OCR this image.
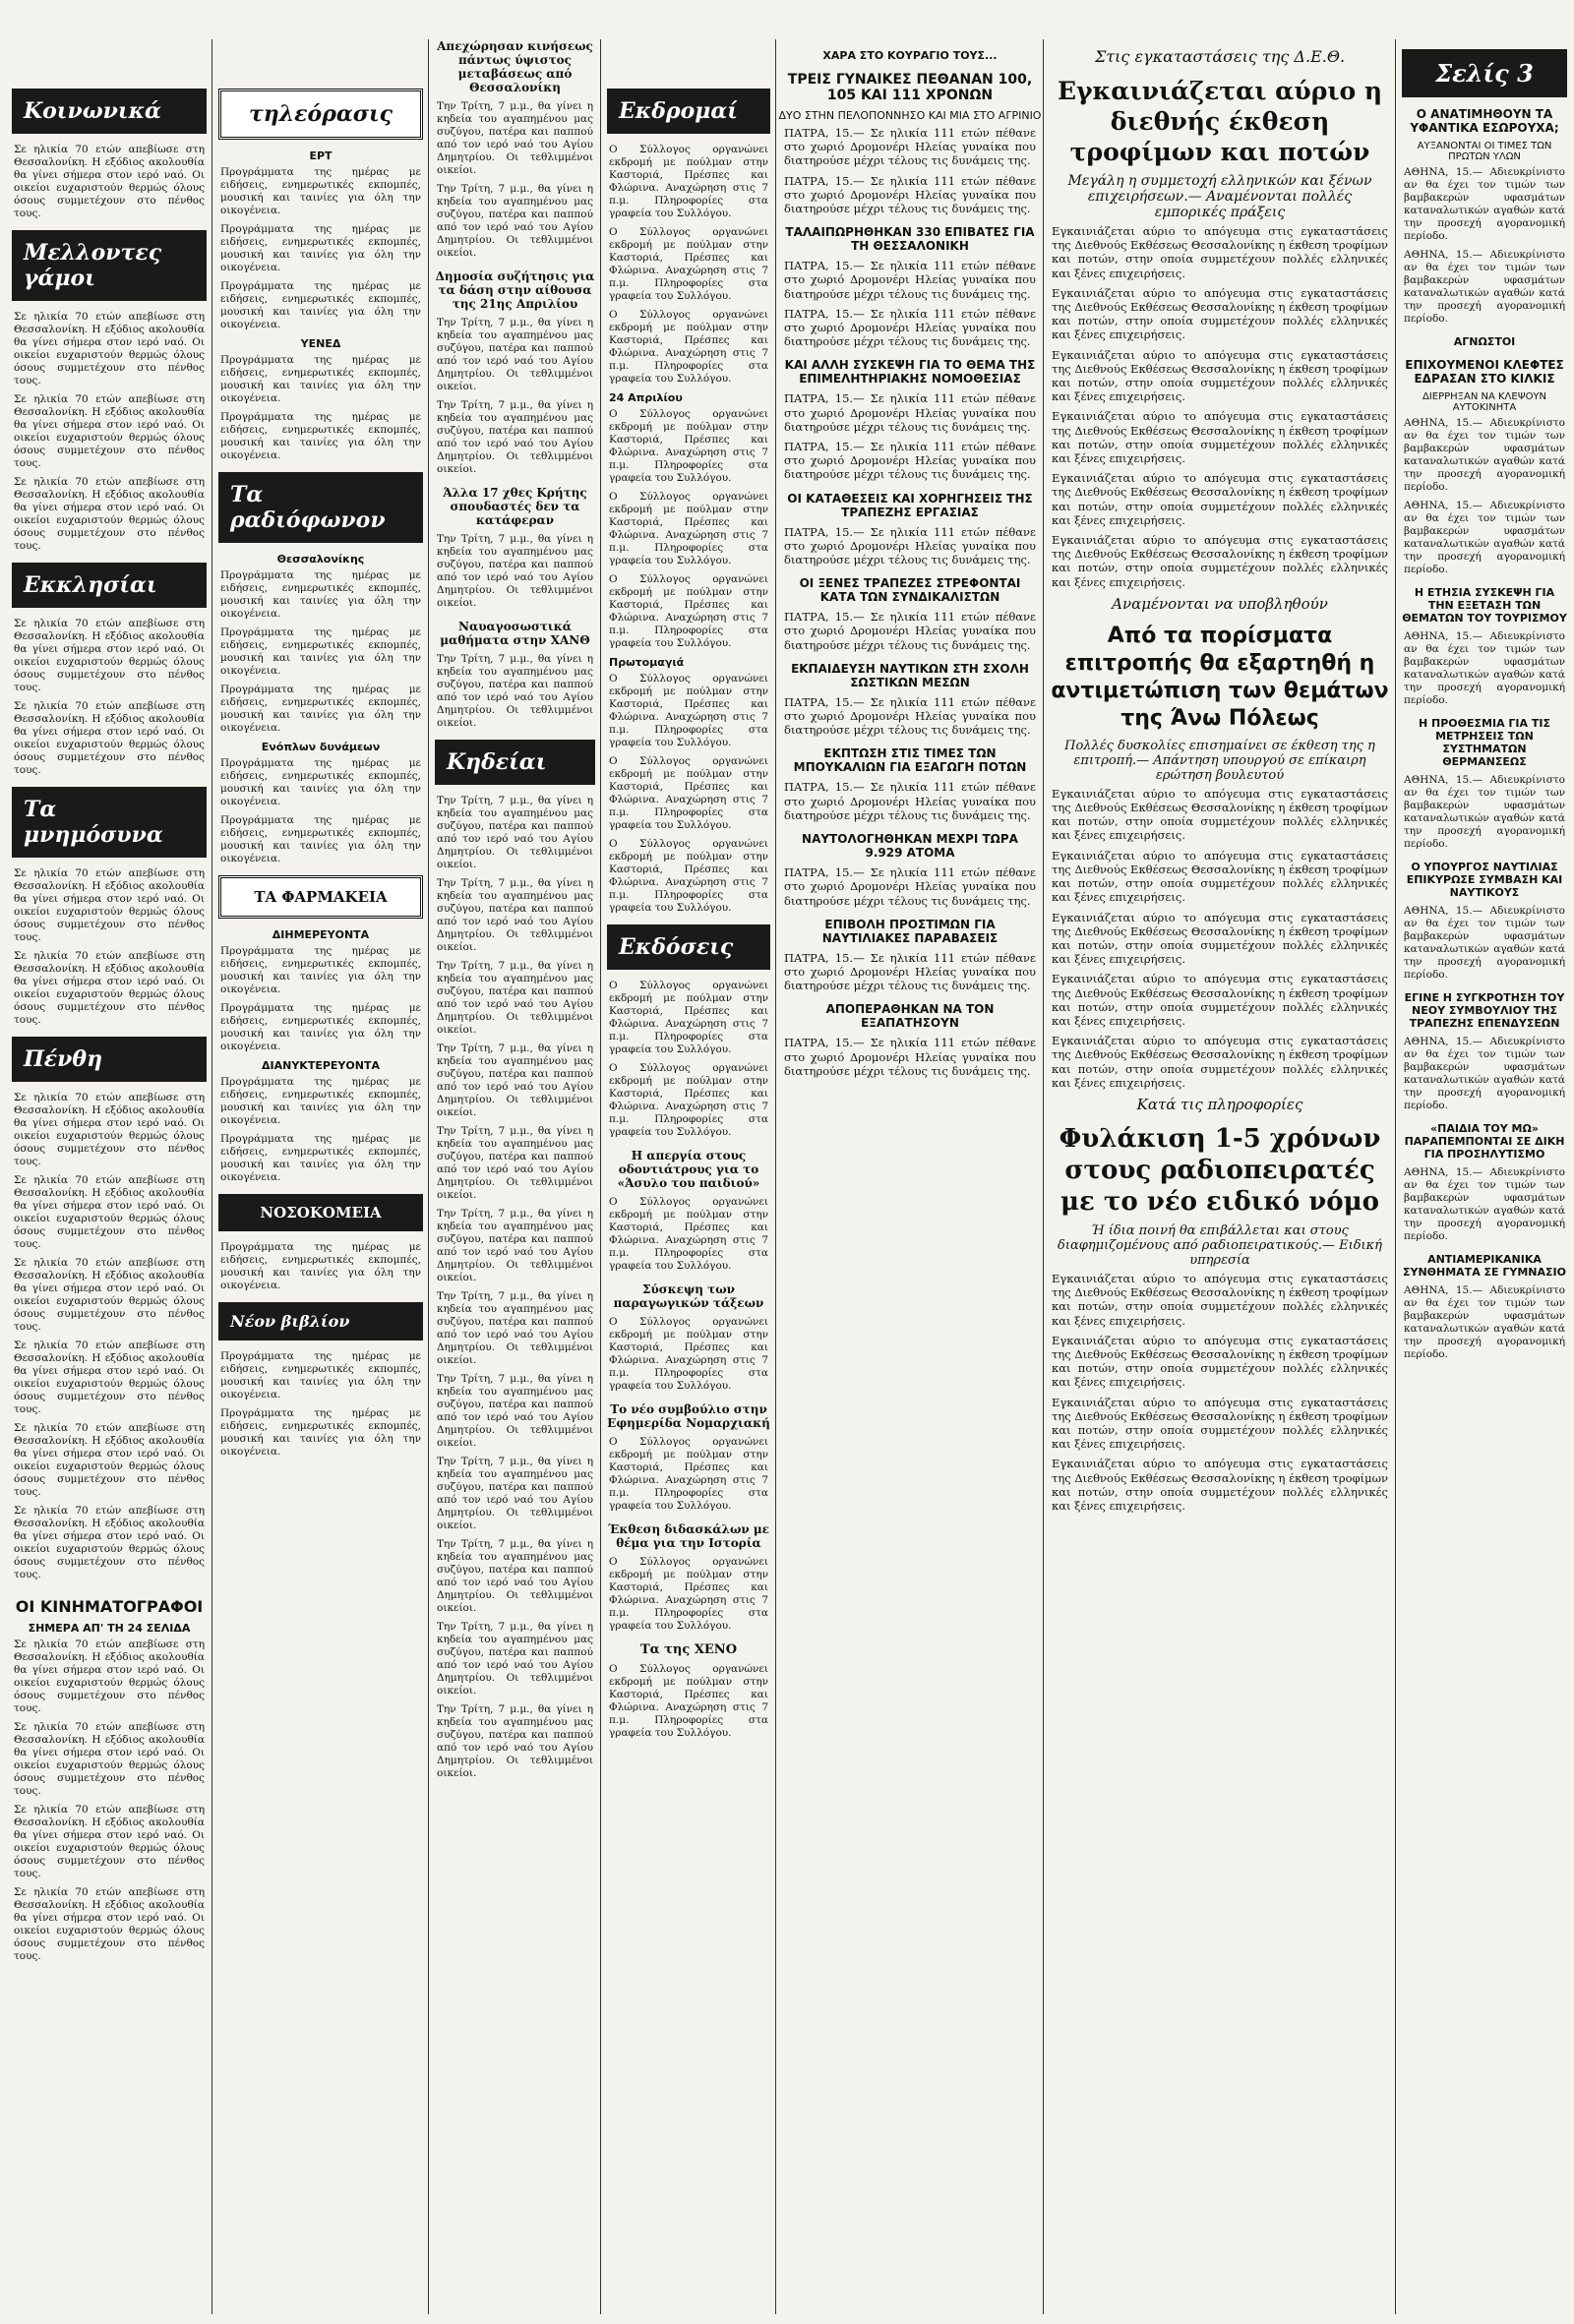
Κοινωνικά

Σε ηλικία 70 ετών απεβίωσε στη Θεσσαλονίκη. Η εξόδιος ακολουθία θα γίνει σήμερα στον ιερό ναό. Οι οικείοι ευχαριστούν θερμώς όλους όσους συμμετέχουν στο πένθος τους.

Μελλοντες γάμοι

Σε ηλικία 70 ετών απεβίωσε στη Θεσσαλονίκη. Η εξόδιος ακολουθία θα γίνει σήμερα στον ιερό ναό. Οι οικείοι ευχαριστούν θερμώς όλους όσους συμμετέχουν στο πένθος τους.

Σε ηλικία 70 ετών απεβίωσε στη Θεσσαλονίκη. Η εξόδιος ακολουθία θα γίνει σήμερα στον ιερό ναό. Οι οικείοι ευχαριστούν θερμώς όλους όσους συμμετέχουν στο πένθος τους.

Σε ηλικία 70 ετών απεβίωσε στη Θεσσαλονίκη. Η εξόδιος ακολουθία θα γίνει σήμερα στον ιερό ναό. Οι οικείοι ευχαριστούν θερμώς όλους όσους συμμετέχουν στο πένθος τους.

Εκκλησίαι

Σε ηλικία 70 ετών απεβίωσε στη Θεσσαλονίκη. Η εξόδιος ακολουθία θα γίνει σήμερα στον ιερό ναό. Οι οικείοι ευχαριστούν θερμώς όλους όσους συμμετέχουν στο πένθος τους.

Σε ηλικία 70 ετών απεβίωσε στη Θεσσαλονίκη. Η εξόδιος ακολουθία θα γίνει σήμερα στον ιερό ναό. Οι οικείοι ευχαριστούν θερμώς όλους όσους συμμετέχουν στο πένθος τους.

Τα μνημόσυνα

Σε ηλικία 70 ετών απεβίωσε στη Θεσσαλονίκη. Η εξόδιος ακολουθία θα γίνει σήμερα στον ιερό ναό. Οι οικείοι ευχαριστούν θερμώς όλους όσους συμμετέχουν στο πένθος τους.

Σε ηλικία 70 ετών απεβίωσε στη Θεσσαλονίκη. Η εξόδιος ακολουθία θα γίνει σήμερα στον ιερό ναό. Οι οικείοι ευχαριστούν θερμώς όλους όσους συμμετέχουν στο πένθος τους.

Πένθη

Σε ηλικία 70 ετών απεβίωσε στη Θεσσαλονίκη. Η εξόδιος ακολουθία θα γίνει σήμερα στον ιερό ναό. Οι οικείοι ευχαριστούν θερμώς όλους όσους συμμετέχουν στο πένθος τους.

Σε ηλικία 70 ετών απεβίωσε στη Θεσσαλονίκη. Η εξόδιος ακολουθία θα γίνει σήμερα στον ιερό ναό. Οι οικείοι ευχαριστούν θερμώς όλους όσους συμμετέχουν στο πένθος τους.

Σε ηλικία 70 ετών απεβίωσε στη Θεσσαλονίκη. Η εξόδιος ακολουθία θα γίνει σήμερα στον ιερό ναό. Οι οικείοι ευχαριστούν θερμώς όλους όσους συμμετέχουν στο πένθος τους.

Σε ηλικία 70 ετών απεβίωσε στη Θεσσαλονίκη. Η εξόδιος ακολουθία θα γίνει σήμερα στον ιερό ναό. Οι οικείοι ευχαριστούν θερμώς όλους όσους συμμετέχουν στο πένθος τους.

Σε ηλικία 70 ετών απεβίωσε στη Θεσσαλονίκη. Η εξόδιος ακολουθία θα γίνει σήμερα στον ιερό ναό. Οι οικείοι ευχαριστούν θερμώς όλους όσους συμμετέχουν στο πένθος τους.

Σε ηλικία 70 ετών απεβίωσε στη Θεσσαλονίκη. Η εξόδιος ακολουθία θα γίνει σήμερα στον ιερό ναό. Οι οικείοι ευχαριστούν θερμώς όλους όσους συμμετέχουν στο πένθος τους.

ΟΙ ΚΙΝΗΜΑΤΟΓΡΑΦΟΙ
ΣΗΜΕΡΑ ΑΠ' ΤΗ 24 ΣΕΛΙΔΑ

Σε ηλικία 70 ετών απεβίωσε στη Θεσσαλονίκη. Η εξόδιος ακολουθία θα γίνει σήμερα στον ιερό ναό. Οι οικείοι ευχαριστούν θερμώς όλους όσους συμμετέχουν στο πένθος τους.

Σε ηλικία 70 ετών απεβίωσε στη Θεσσαλονίκη. Η εξόδιος ακολουθία θα γίνει σήμερα στον ιερό ναό. Οι οικείοι ευχαριστούν θερμώς όλους όσους συμμετέχουν στο πένθος τους.

Σε ηλικία 70 ετών απεβίωσε στη Θεσσαλονίκη. Η εξόδιος ακολουθία θα γίνει σήμερα στον ιερό ναό. Οι οικείοι ευχαριστούν θερμώς όλους όσους συμμετέχουν στο πένθος τους.

Σε ηλικία 70 ετών απεβίωσε στη Θεσσαλονίκη. Η εξόδιος ακολουθία θα γίνει σήμερα στον ιερό ναό. Οι οικείοι ευχαριστούν θερμώς όλους όσους συμμετέχουν στο πένθος τους.

τηλεόρασις
ΕΡΤ

Προγράμματα της ημέρας με ειδήσεις, ενημερωτικές εκπομπές, μουσική και ταινίες για όλη την οικογένεια.

Προγράμματα της ημέρας με ειδήσεις, ενημερωτικές εκπομπές, μουσική και ταινίες για όλη την οικογένεια.

Προγράμματα της ημέρας με ειδήσεις, ενημερωτικές εκπομπές, μουσική και ταινίες για όλη την οικογένεια.

ΥΕΝΕΔ

Προγράμματα της ημέρας με ειδήσεις, ενημερωτικές εκπομπές, μουσική και ταινίες για όλη την οικογένεια.

Προγράμματα της ημέρας με ειδήσεις, ενημερωτικές εκπομπές, μουσική και ταινίες για όλη την οικογένεια.

Τα ραδιόφωνον
Θεσσαλονίκης

Προγράμματα της ημέρας με ειδήσεις, ενημερωτικές εκπομπές, μουσική και ταινίες για όλη την οικογένεια.

Προγράμματα της ημέρας με ειδήσεις, ενημερωτικές εκπομπές, μουσική και ταινίες για όλη την οικογένεια.

Προγράμματα της ημέρας με ειδήσεις, ενημερωτικές εκπομπές, μουσική και ταινίες για όλη την οικογένεια.

Ενόπλων δυνάμεων

Προγράμματα της ημέρας με ειδήσεις, ενημερωτικές εκπομπές, μουσική και ταινίες για όλη την οικογένεια.

Προγράμματα της ημέρας με ειδήσεις, ενημερωτικές εκπομπές, μουσική και ταινίες για όλη την οικογένεια.

ΤΑ ΦΑΡΜΑΚΕΙΑ
ΔΙΗΜΕΡΕΥΟΝΤΑ

Προγράμματα της ημέρας με ειδήσεις, ενημερωτικές εκπομπές, μουσική και ταινίες για όλη την οικογένεια.

Προγράμματα της ημέρας με ειδήσεις, ενημερωτικές εκπομπές, μουσική και ταινίες για όλη την οικογένεια.

ΔΙΑΝΥΚΤΕΡΕΥΟΝΤΑ

Προγράμματα της ημέρας με ειδήσεις, ενημερωτικές εκπομπές, μουσική και ταινίες για όλη την οικογένεια.

Προγράμματα της ημέρας με ειδήσεις, ενημερωτικές εκπομπές, μουσική και ταινίες για όλη την οικογένεια.

ΝΟΣΟΚΟΜΕΙΑ

Προγράμματα της ημέρας με ειδήσεις, ενημερωτικές εκπομπές, μουσική και ταινίες για όλη την οικογένεια.

Νέον βιβλίον

Προγράμματα της ημέρας με ειδήσεις, ενημερωτικές εκπομπές, μουσική και ταινίες για όλη την οικογένεια.

Προγράμματα της ημέρας με ειδήσεις, ενημερωτικές εκπομπές, μουσική και ταινίες για όλη την οικογένεια.

Απεχώρησαν κινήσεως πάντως ύψιστος μεταβάσεως από Θεσσαλονίκη

Την Τρίτη, 7 μ.μ., θα γίνει η κηδεία του αγαπημένου μας συζύγου, πατέρα και παππού από τον ιερό ναό του Αγίου Δημητρίου. Οι τεθλιμμένοι οικείοι.

Την Τρίτη, 7 μ.μ., θα γίνει η κηδεία του αγαπημένου μας συζύγου, πατέρα και παππού από τον ιερό ναό του Αγίου Δημητρίου. Οι τεθλιμμένοι οικείοι.

Δημοσία συζήτησις για τα δάση στην αίθουσα της 21ης Απριλίου

Την Τρίτη, 7 μ.μ., θα γίνει η κηδεία του αγαπημένου μας συζύγου, πατέρα και παππού από τον ιερό ναό του Αγίου Δημητρίου. Οι τεθλιμμένοι οικείοι.

Την Τρίτη, 7 μ.μ., θα γίνει η κηδεία του αγαπημένου μας συζύγου, πατέρα και παππού από τον ιερό ναό του Αγίου Δημητρίου. Οι τεθλιμμένοι οικείοι.

Άλλα 17 χθες Κρήτης σπουδαστές δεν τα κατάφεραν

Την Τρίτη, 7 μ.μ., θα γίνει η κηδεία του αγαπημένου μας συζύγου, πατέρα και παππού από τον ιερό ναό του Αγίου Δημητρίου. Οι τεθλιμμένοι οικείοι.

Ναυαγοσωστικά μαθήματα στην ΧΑΝΘ

Την Τρίτη, 7 μ.μ., θα γίνει η κηδεία του αγαπημένου μας συζύγου, πατέρα και παππού από τον ιερό ναό του Αγίου Δημητρίου. Οι τεθλιμμένοι οικείοι.

Κηδείαι

Την Τρίτη, 7 μ.μ., θα γίνει η κηδεία του αγαπημένου μας συζύγου, πατέρα και παππού από τον ιερό ναό του Αγίου Δημητρίου. Οι τεθλιμμένοι οικείοι.

Την Τρίτη, 7 μ.μ., θα γίνει η κηδεία του αγαπημένου μας συζύγου, πατέρα και παππού από τον ιερό ναό του Αγίου Δημητρίου. Οι τεθλιμμένοι οικείοι.

Την Τρίτη, 7 μ.μ., θα γίνει η κηδεία του αγαπημένου μας συζύγου, πατέρα και παππού από τον ιερό ναό του Αγίου Δημητρίου. Οι τεθλιμμένοι οικείοι.

Την Τρίτη, 7 μ.μ., θα γίνει η κηδεία του αγαπημένου μας συζύγου, πατέρα και παππού από τον ιερό ναό του Αγίου Δημητρίου. Οι τεθλιμμένοι οικείοι.

Την Τρίτη, 7 μ.μ., θα γίνει η κηδεία του αγαπημένου μας συζύγου, πατέρα και παππού από τον ιερό ναό του Αγίου Δημητρίου. Οι τεθλιμμένοι οικείοι.

Την Τρίτη, 7 μ.μ., θα γίνει η κηδεία του αγαπημένου μας συζύγου, πατέρα και παππού από τον ιερό ναό του Αγίου Δημητρίου. Οι τεθλιμμένοι οικείοι.

Την Τρίτη, 7 μ.μ., θα γίνει η κηδεία του αγαπημένου μας συζύγου, πατέρα και παππού από τον ιερό ναό του Αγίου Δημητρίου. Οι τεθλιμμένοι οικείοι.

Την Τρίτη, 7 μ.μ., θα γίνει η κηδεία του αγαπημένου μας συζύγου, πατέρα και παππού από τον ιερό ναό του Αγίου Δημητρίου. Οι τεθλιμμένοι οικείοι.

Την Τρίτη, 7 μ.μ., θα γίνει η κηδεία του αγαπημένου μας συζύγου, πατέρα και παππού από τον ιερό ναό του Αγίου Δημητρίου. Οι τεθλιμμένοι οικείοι.

Την Τρίτη, 7 μ.μ., θα γίνει η κηδεία του αγαπημένου μας συζύγου, πατέρα και παππού από τον ιερό ναό του Αγίου Δημητρίου. Οι τεθλιμμένοι οικείοι.

Την Τρίτη, 7 μ.μ., θα γίνει η κηδεία του αγαπημένου μας συζύγου, πατέρα και παππού από τον ιερό ναό του Αγίου Δημητρίου. Οι τεθλιμμένοι οικείοι.

Την Τρίτη, 7 μ.μ., θα γίνει η κηδεία του αγαπημένου μας συζύγου, πατέρα και παππού από τον ιερό ναό του Αγίου Δημητρίου. Οι τεθλιμμένοι οικείοι.

Εκδρομαί

Ο Σύλλογος οργανώνει εκδρομή με πούλμαν στην Καστοριά, Πρέσπες και Φλώρινα. Αναχώρηση στις 7 π.μ. Πληροφορίες στα γραφεία του Συλλόγου.

Ο Σύλλογος οργανώνει εκδρομή με πούλμαν στην Καστοριά, Πρέσπες και Φλώρινα. Αναχώρηση στις 7 π.μ. Πληροφορίες στα γραφεία του Συλλόγου.

Ο Σύλλογος οργανώνει εκδρομή με πούλμαν στην Καστοριά, Πρέσπες και Φλώρινα. Αναχώρηση στις 7 π.μ. Πληροφορίες στα γραφεία του Συλλόγου.

24 Απριλίου

Ο Σύλλογος οργανώνει εκδρομή με πούλμαν στην Καστοριά, Πρέσπες και Φλώρινα. Αναχώρηση στις 7 π.μ. Πληροφορίες στα γραφεία του Συλλόγου.

Ο Σύλλογος οργανώνει εκδρομή με πούλμαν στην Καστοριά, Πρέσπες και Φλώρινα. Αναχώρηση στις 7 π.μ. Πληροφορίες στα γραφεία του Συλλόγου.

Ο Σύλλογος οργανώνει εκδρομή με πούλμαν στην Καστοριά, Πρέσπες και Φλώρινα. Αναχώρηση στις 7 π.μ. Πληροφορίες στα γραφεία του Συλλόγου.

Πρωτομαγιά

Ο Σύλλογος οργανώνει εκδρομή με πούλμαν στην Καστοριά, Πρέσπες και Φλώρινα. Αναχώρηση στις 7 π.μ. Πληροφορίες στα γραφεία του Συλλόγου.

Ο Σύλλογος οργανώνει εκδρομή με πούλμαν στην Καστοριά, Πρέσπες και Φλώρινα. Αναχώρηση στις 7 π.μ. Πληροφορίες στα γραφεία του Συλλόγου.

Ο Σύλλογος οργανώνει εκδρομή με πούλμαν στην Καστοριά, Πρέσπες και Φλώρινα. Αναχώρηση στις 7 π.μ. Πληροφορίες στα γραφεία του Συλλόγου.

Εκδόσεις

Ο Σύλλογος οργανώνει εκδρομή με πούλμαν στην Καστοριά, Πρέσπες και Φλώρινα. Αναχώρηση στις 7 π.μ. Πληροφορίες στα γραφεία του Συλλόγου.

Ο Σύλλογος οργανώνει εκδρομή με πούλμαν στην Καστοριά, Πρέσπες και Φλώρινα. Αναχώρηση στις 7 π.μ. Πληροφορίες στα γραφεία του Συλλόγου.

Η απεργία στους οδοντιάτρους για το «Άσυλο του παιδιού»

Ο Σύλλογος οργανώνει εκδρομή με πούλμαν στην Καστοριά, Πρέσπες και Φλώρινα. Αναχώρηση στις 7 π.μ. Πληροφορίες στα γραφεία του Συλλόγου.

Σύσκεψη των παραγωγικών τάξεων

Ο Σύλλογος οργανώνει εκδρομή με πούλμαν στην Καστοριά, Πρέσπες και Φλώρινα. Αναχώρηση στις 7 π.μ. Πληροφορίες στα γραφεία του Συλλόγου.

Το νέο συμβούλιο στην Εφημερίδα Νομαρχιακή

Ο Σύλλογος οργανώνει εκδρομή με πούλμαν στην Καστοριά, Πρέσπες και Φλώρινα. Αναχώρηση στις 7 π.μ. Πληροφορίες στα γραφεία του Συλλόγου.

Έκθεση διδασκάλων με θέμα για την Ιστορία

Ο Σύλλογος οργανώνει εκδρομή με πούλμαν στην Καστοριά, Πρέσπες και Φλώρινα. Αναχώρηση στις 7 π.μ. Πληροφορίες στα γραφεία του Συλλόγου.

Τα της ΧΕΝΟ

Ο Σύλλογος οργανώνει εκδρομή με πούλμαν στην Καστοριά, Πρέσπες και Φλώρινα. Αναχώρηση στις 7 π.μ. Πληροφορίες στα γραφεία του Συλλόγου.

ΧΑΡΑ ΣΤΟ ΚΟΥΡΑΓΙΟ ΤΟΥΣ...
ΤΡΕΙΣ ΓΥΝΑΙΚΕΣ ΠΕΘΑΝΑΝ 100, 105 ΚΑΙ 111 ΧΡΟΝΩΝ
ΔΥΟ ΣΤΗΝ ΠΕΛΟΠΟΝΝΗΣΟ ΚΑΙ ΜΙΑ ΣΤΟ ΑΓΡΙΝΙΟ

ΠΑΤΡΑ, 15.— Σε ηλικία 111 ετών πέθανε στο χωριό Δρομονέρι Ηλείας γυναίκα που διατηρούσε μέχρι τέλους τις δυνάμεις της.

ΠΑΤΡΑ, 15.— Σε ηλικία 111 ετών πέθανε στο χωριό Δρομονέρι Ηλείας γυναίκα που διατηρούσε μέχρι τέλους τις δυνάμεις της.

ΤΑΛΑΙΠΩΡΗΘΗΚΑΝ 330 ΕΠΙΒΑΤΕΣ ΓΙΑ ΤΗ ΘΕΣΣΑΛΟΝΙΚΗ

ΠΑΤΡΑ, 15.— Σε ηλικία 111 ετών πέθανε στο χωριό Δρομονέρι Ηλείας γυναίκα που διατηρούσε μέχρι τέλους τις δυνάμεις της.

ΠΑΤΡΑ, 15.— Σε ηλικία 111 ετών πέθανε στο χωριό Δρομονέρι Ηλείας γυναίκα που διατηρούσε μέχρι τέλους τις δυνάμεις της.

ΚΑΙ ΑΛΛΗ ΣΥΣΚΕΨΗ ΓΙΑ ΤΟ ΘΕΜΑ ΤΗΣ ΕΠΙΜΕΛΗΤΗΡΙΑΚΗΣ ΝΟΜΟΘΕΣΙΑΣ

ΠΑΤΡΑ, 15.— Σε ηλικία 111 ετών πέθανε στο χωριό Δρομονέρι Ηλείας γυναίκα που διατηρούσε μέχρι τέλους τις δυνάμεις της.

ΠΑΤΡΑ, 15.— Σε ηλικία 111 ετών πέθανε στο χωριό Δρομονέρι Ηλείας γυναίκα που διατηρούσε μέχρι τέλους τις δυνάμεις της.

ΟΙ ΚΑΤΑΘΕΣΕΙΣ ΚΑΙ ΧΟΡΗΓΗΣΕΙΣ ΤΗΣ ΤΡΑΠΕΖΗΣ ΕΡΓΑΣΙΑΣ

ΠΑΤΡΑ, 15.— Σε ηλικία 111 ετών πέθανε στο χωριό Δρομονέρι Ηλείας γυναίκα που διατηρούσε μέχρι τέλους τις δυνάμεις της.

ΟΙ ΞΕΝΕΣ ΤΡΑΠΕΖΕΣ ΣΤΡΕΦΟΝΤΑΙ ΚΑΤΑ ΤΩΝ ΣΥΝΔΙΚΑΛΙΣΤΩΝ

ΠΑΤΡΑ, 15.— Σε ηλικία 111 ετών πέθανε στο χωριό Δρομονέρι Ηλείας γυναίκα που διατηρούσε μέχρι τέλους τις δυνάμεις της.

ΕΚΠΑΙΔΕΥΣΗ ΝΑΥΤΙΚΩΝ ΣΤΗ ΣΧΟΛΗ ΣΩΣΤΙΚΩΝ ΜΕΣΩΝ

ΠΑΤΡΑ, 15.— Σε ηλικία 111 ετών πέθανε στο χωριό Δρομονέρι Ηλείας γυναίκα που διατηρούσε μέχρι τέλους τις δυνάμεις της.

ΕΚΠΤΩΣΗ ΣΤΙΣ ΤΙΜΕΣ ΤΩΝ ΜΠΟΥΚΑΛΙΩΝ ΓΙΑ ΕΞΑΓΩΓΗ ΠΟΤΩΝ

ΠΑΤΡΑ, 15.— Σε ηλικία 111 ετών πέθανε στο χωριό Δρομονέρι Ηλείας γυναίκα που διατηρούσε μέχρι τέλους τις δυνάμεις της.

ΝΑΥΤΟΛΟΓΗΘΗΚΑΝ ΜΕΧΡΙ ΤΩΡΑ 9.929 ΑΤΟΜΑ

ΠΑΤΡΑ, 15.— Σε ηλικία 111 ετών πέθανε στο χωριό Δρομονέρι Ηλείας γυναίκα που διατηρούσε μέχρι τέλους τις δυνάμεις της.

ΕΠΙΒΟΛΗ ΠΡΟΣΤΙΜΩΝ ΓΙΑ ΝΑΥΤΙΛΙΑΚΕΣ ΠΑΡΑΒΑΣΕΙΣ

ΠΑΤΡΑ, 15.— Σε ηλικία 111 ετών πέθανε στο χωριό Δρομονέρι Ηλείας γυναίκα που διατηρούσε μέχρι τέλους τις δυνάμεις της.

ΑΠΟΠΕΡΑΘΗΚΑΝ ΝΑ ΤΟΝ ΕΞΑΠΑΤΗΣΟΥΝ

ΠΑΤΡΑ, 15.— Σε ηλικία 111 ετών πέθανε στο χωριό Δρομονέρι Ηλείας γυναίκα που διατηρούσε μέχρι τέλους τις δυνάμεις της.

Στις εγκαταστάσεις της Δ.Ε.Θ.
Εγκαινιάζεται αύριο η διεθνής έκθεση τροφίμων και ποτών
Μεγάλη η συμμετοχή ελληνικών και ξένων επιχειρήσεων.— Αναμένονται πολλές εμπορικές πράξεις

Εγκαινιάζεται αύριο το απόγευμα στις εγκαταστάσεις της Διεθνούς Εκθέσεως Θεσσαλονίκης η έκθεση τροφίμων και ποτών, στην οποία συμμετέχουν πολλές ελληνικές και ξένες επιχειρήσεις.

Εγκαινιάζεται αύριο το απόγευμα στις εγκαταστάσεις της Διεθνούς Εκθέσεως Θεσσαλονίκης η έκθεση τροφίμων και ποτών, στην οποία συμμετέχουν πολλές ελληνικές και ξένες επιχειρήσεις.

Εγκαινιάζεται αύριο το απόγευμα στις εγκαταστάσεις της Διεθνούς Εκθέσεως Θεσσαλονίκης η έκθεση τροφίμων και ποτών, στην οποία συμμετέχουν πολλές ελληνικές και ξένες επιχειρήσεις.

Εγκαινιάζεται αύριο το απόγευμα στις εγκαταστάσεις της Διεθνούς Εκθέσεως Θεσσαλονίκης η έκθεση τροφίμων και ποτών, στην οποία συμμετέχουν πολλές ελληνικές και ξένες επιχειρήσεις.

Εγκαινιάζεται αύριο το απόγευμα στις εγκαταστάσεις της Διεθνούς Εκθέσεως Θεσσαλονίκης η έκθεση τροφίμων και ποτών, στην οποία συμμετέχουν πολλές ελληνικές και ξένες επιχειρήσεις.

Εγκαινιάζεται αύριο το απόγευμα στις εγκαταστάσεις της Διεθνούς Εκθέσεως Θεσσαλονίκης η έκθεση τροφίμων και ποτών, στην οποία συμμετέχουν πολλές ελληνικές και ξένες επιχειρήσεις.

Αναμένονται να υποβληθούν
Από τα πορίσματα επιτροπής θα εξαρτηθή η αντιμετώπιση των θεμάτων της Άνω Πόλεως
Πολλές δυσκολίες επισημαίνει σε έκθεση της η επιτροπή.— Απάντηση υπουργού σε επίκαιρη ερώτηση βουλευτού

Εγκαινιάζεται αύριο το απόγευμα στις εγκαταστάσεις της Διεθνούς Εκθέσεως Θεσσαλονίκης η έκθεση τροφίμων και ποτών, στην οποία συμμετέχουν πολλές ελληνικές και ξένες επιχειρήσεις.

Εγκαινιάζεται αύριο το απόγευμα στις εγκαταστάσεις της Διεθνούς Εκθέσεως Θεσσαλονίκης η έκθεση τροφίμων και ποτών, στην οποία συμμετέχουν πολλές ελληνικές και ξένες επιχειρήσεις.

Εγκαινιάζεται αύριο το απόγευμα στις εγκαταστάσεις της Διεθνούς Εκθέσεως Θεσσαλονίκης η έκθεση τροφίμων και ποτών, στην οποία συμμετέχουν πολλές ελληνικές και ξένες επιχειρήσεις.

Εγκαινιάζεται αύριο το απόγευμα στις εγκαταστάσεις της Διεθνούς Εκθέσεως Θεσσαλονίκης η έκθεση τροφίμων και ποτών, στην οποία συμμετέχουν πολλές ελληνικές και ξένες επιχειρήσεις.

Εγκαινιάζεται αύριο το απόγευμα στις εγκαταστάσεις της Διεθνούς Εκθέσεως Θεσσαλονίκης η έκθεση τροφίμων και ποτών, στην οποία συμμετέχουν πολλές ελληνικές και ξένες επιχειρήσεις.

Κατά τις πληροφορίες
Φυλάκιση 1-5 χρόνων στους ραδιοπειρατές με το νέο ειδικό νόμο
Ή ίδια ποινή θα επιβάλλεται και στους διαφημιζομένους από ραδιοπειρατικούς.— Ειδική υπηρεσία

Εγκαινιάζεται αύριο το απόγευμα στις εγκαταστάσεις της Διεθνούς Εκθέσεως Θεσσαλονίκης η έκθεση τροφίμων και ποτών, στην οποία συμμετέχουν πολλές ελληνικές και ξένες επιχειρήσεις.

Εγκαινιάζεται αύριο το απόγευμα στις εγκαταστάσεις της Διεθνούς Εκθέσεως Θεσσαλονίκης η έκθεση τροφίμων και ποτών, στην οποία συμμετέχουν πολλές ελληνικές και ξένες επιχειρήσεις.

Εγκαινιάζεται αύριο το απόγευμα στις εγκαταστάσεις της Διεθνούς Εκθέσεως Θεσσαλονίκης η έκθεση τροφίμων και ποτών, στην οποία συμμετέχουν πολλές ελληνικές και ξένες επιχειρήσεις.

Εγκαινιάζεται αύριο το απόγευμα στις εγκαταστάσεις της Διεθνούς Εκθέσεως Θεσσαλονίκης η έκθεση τροφίμων και ποτών, στην οποία συμμετέχουν πολλές ελληνικές και ξένες επιχειρήσεις.

Σελίς 3
Ο ΑΝΑΤΙΜΗΘΟΥΝ ΤΑ ΥΦΑΝΤΙΚΑ ΕΣΩΡΟΥΧΑ;
ΑΥΞΑΝΟΝΤΑΙ ΟΙ ΤΙΜΕΣ ΤΩΝ ΠΡΩΤΩΝ ΥΛΩΝ

ΑΘΗΝΑ, 15.— Αδιευκρίνιστο αν θα έχει τον τιμών των βαμβακερών υφασμάτων καταναλωτικών αγαθών κατά την προσεχή αγορανομική περίοδο.

ΑΘΗΝΑ, 15.— Αδιευκρίνιστο αν θα έχει τον τιμών των βαμβακερών υφασμάτων καταναλωτικών αγαθών κατά την προσεχή αγορανομική περίοδο.

ΑΓΝΩΣΤΟΙ
ΕΠΙΧΟΥΜΕΝΟΙ ΚΛΕΦΤΕΣ ΕΔΡΑΣΑΝ ΣΤΟ ΚΙΛΚΙΣ
ΔΙΕΡΡΗΞΑΝ ΝΑ ΚΛΕΨΟΥΝ ΑΥΤΟΚΙΝΗΤΑ

ΑΘΗΝΑ, 15.— Αδιευκρίνιστο αν θα έχει τον τιμών των βαμβακερών υφασμάτων καταναλωτικών αγαθών κατά την προσεχή αγορανομική περίοδο.

ΑΘΗΝΑ, 15.— Αδιευκρίνιστο αν θα έχει τον τιμών των βαμβακερών υφασμάτων καταναλωτικών αγαθών κατά την προσεχή αγορανομική περίοδο.

Η ΕΤΗΣΙΑ ΣΥΣΚΕΨΗ ΓΙΑ ΤΗΝ ΕΞΕΤΑΣΗ ΤΩΝ ΘΕΜΑΤΩΝ ΤΟΥ ΤΟΥΡΙΣΜΟΥ

ΑΘΗΝΑ, 15.— Αδιευκρίνιστο αν θα έχει τον τιμών των βαμβακερών υφασμάτων καταναλωτικών αγαθών κατά την προσεχή αγορανομική περίοδο.

Η ΠΡΟΘΕΣΜΙΑ ΓΙΑ ΤΙΣ ΜΕΤΡΗΣΕΙΣ ΤΩΝ ΣΥΣΤΗΜΑΤΩΝ ΘΕΡΜΑΝΣΕΩΣ

ΑΘΗΝΑ, 15.— Αδιευκρίνιστο αν θα έχει τον τιμών των βαμβακερών υφασμάτων καταναλωτικών αγαθών κατά την προσεχή αγορανομική περίοδο.

Ο ΥΠΟΥΡΓΟΣ ΝΑΥΤΙΛΙΑΣ ΕΠΙΚΥΡΩΣΕ ΣΥΜΒΑΣΗ ΚΑΙ ΝΑΥΤΙΚΟΥΣ

ΑΘΗΝΑ, 15.— Αδιευκρίνιστο αν θα έχει τον τιμών των βαμβακερών υφασμάτων καταναλωτικών αγαθών κατά την προσεχή αγορανομική περίοδο.

ΕΓΙΝΕ Η ΣΥΓΚΡΟΤΗΣΗ ΤΟΥ ΝΕΟΥ ΣΥΜΒΟΥΛΙΟΥ ΤΗΣ ΤΡΑΠΕΖΗΣ ΕΠΕΝΔΥΣΕΩΝ

ΑΘΗΝΑ, 15.— Αδιευκρίνιστο αν θα έχει τον τιμών των βαμβακερών υφασμάτων καταναλωτικών αγαθών κατά την προσεχή αγορανομική περίοδο.

«ΠΑΙΔΙΑ ΤΟΥ ΜΩ» ΠΑΡΑΠΕΜΠΟΝΤΑΙ ΣΕ ΔΙΚΗ ΓΙΑ ΠΡΟΣΗΛΥΤΙΣΜΟ

ΑΘΗΝΑ, 15.— Αδιευκρίνιστο αν θα έχει τον τιμών των βαμβακερών υφασμάτων καταναλωτικών αγαθών κατά την προσεχή αγορανομική περίοδο.

ΑΝΤΙΑΜΕΡΙΚΑΝΙΚΑ ΣΥΝΘΗΜΑΤΑ ΣΕ ΓΥΜΝΑΣΙΟ

ΑΘΗΝΑ, 15.— Αδιευκρίνιστο αν θα έχει τον τιμών των βαμβακερών υφασμάτων καταναλωτικών αγαθών κατά την προσεχή αγορανομική περίοδο.
